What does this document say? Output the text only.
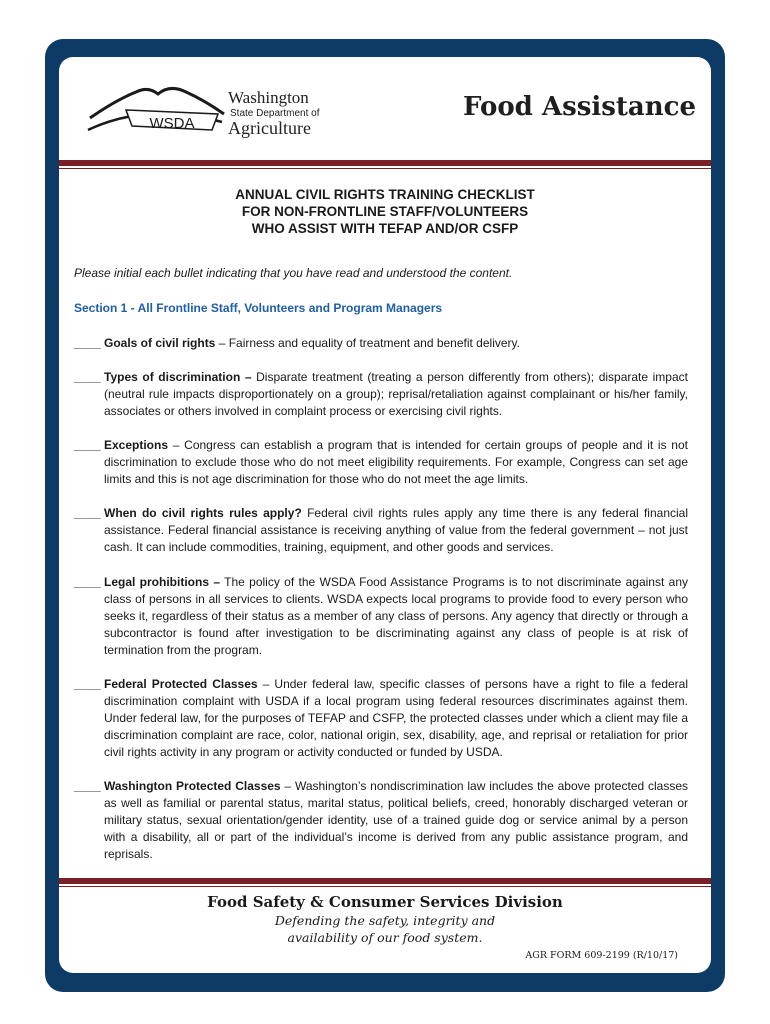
WSDA
Washington
State Department of
Agriculture
Food Assistance
ANNUAL CIVIL RIGHTS TRAINING CHECKLIST
FOR NON-FRONTLINE STAFF/VOLUNTEERS
WHO ASSIST WITH TEFAP AND/OR CSFP
Please initial each bullet indicating that you have read and understood the content.
Section 1 - All Frontline Staff, Volunteers and Program Managers
____ Goals of civil rights – Fairness and equality of treatment and benefit delivery.
____ Types of discrimination – Disparate treatment (treating a person differently from others); disparate impact (neutral rule impacts disproportionately on a group); reprisal/retaliation against complainant or his/her family, associates or others involved in complaint process or exercising civil rights.
____ Exceptions – Congress can establish a program that is intended for certain groups of people and it is not discrimination to exclude those who do not meet eligibility requirements. For example, Congress can set age limits and this is not age discrimination for those who do not meet the age limits.
____ When do civil rights rules apply? Federal civil rights rules apply any time there is any federal financial assistance. Federal financial assistance is receiving anything of value from the federal government – not just cash. It can include commodities, training, equipment, and other goods and services.
____ Legal prohibitions – The policy of the WSDA Food Assistance Programs is to not discriminate against any class of persons in all services to clients. WSDA expects local programs to provide food to every person who seeks it, regardless of their status as a member of any class of persons. Any agency that directly or through a subcontractor is found after investigation to be discriminating against any class of people is at risk of termination from the program.
____ Federal Protected Classes – Under federal law, specific classes of persons have a right to file a federal discrimination complaint with USDA if a local program using federal resources discriminates against them. Under federal law, for the purposes of TEFAP and CSFP, the protected classes under which a client may file a discrimination complaint are race, color, national origin, sex, disability, age, and reprisal or retaliation for prior civil rights activity in any program or activity conducted or funded by USDA.
____ Washington Protected Classes – Washington’s nondiscrimination law includes the above protected classes as well as familial or parental status, marital status, political beliefs, creed, honorably discharged veteran or military status, sexual orientation/gender identity, use of a trained guide dog or service animal by a person with a disability, all or part of the individual’s income is derived from any public assistance program, and reprisals.
Food Safety & Consumer Services Division
Defending the safety, integrity and
availability of our food system.
AGR FORM 609-2199 (R/10/17)
